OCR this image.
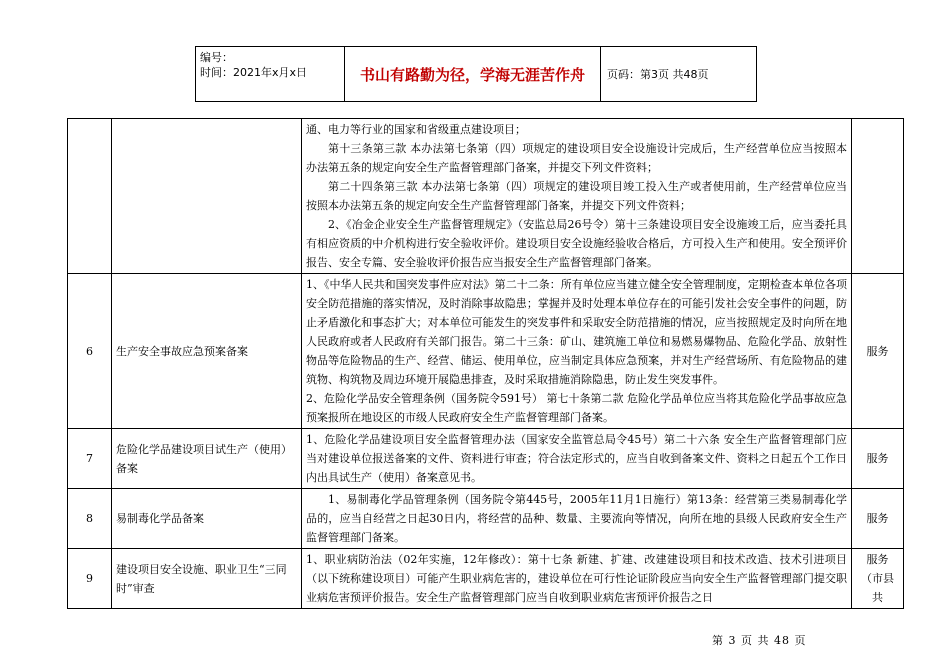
编号：
时间：2021年x月x日	书山有路勤为径，学海无涯苦作舟	页码：第3页 共48页

		通、电力等行业的国家和省级重点建设项目；

第十三条第三款 本办法第七条第（四）项规定的建设项目安全设施设计完成后，生产经营单位应当按照本办法第五条的规定向安全生产监督管理部门备案，并提交下列文件资料；

第二十四条第三款 本办法第七条第（四）项规定的建设项目竣工投入生产或者使用前，生产经营单位应当按照本办法第五条的规定向安全生产监督管理部门备案，并提交下列文件资料；

2、《冶金企业安全生产监督管理规定》（安监总局26号令）第十三条建设项目安全设施竣工后，应当委托具有相应资质的中介机构进行安全验收评价。建设项目安全设施经验收合格后，方可投入生产和使用。安全预评价报告、安全专篇、安全验收评价报告应当报安全生产监督管理部门备案。	

6	生产安全事故应急预案备案	1、《中华人民共和国突发事件应对法》第二十二条：所有单位应当建立健全安全管理制度，定期检查本单位各项安全防范措施的落实情况，及时消除事故隐患；掌握并及时处理本单位存在的可能引发社会安全事件的问题，防止矛盾激化和事态扩大；对本单位可能发生的突发事件和采取安全防范措施的情况，应当按照规定及时向所在地人民政府或者人民政府有关部门报告。第二十三条：矿山、建筑施工单位和易燃易爆物品、危险化学品、放射性物品等危险物品的生产、经营、储运、使用单位，应当制定具体应急预案，并对生产经营场所、有危险物品的建筑物、构筑物及周边环境开展隐患排查，及时采取措施消除隐患，防止发生突发事件。

2、危险化学品安全管理条例（国务院令591号） 第七十条第二款 危险化学品单位应当将其危险化学品事故应急预案报所在地设区的市级人民政府安全生产监督管理部门备案。	服务
7	危险化学品建设项目试生产（使用）备案	1、危险化学品建设项目安全监督管理办法（国家安全监管总局令45号）第二十六条 安全生产监督管理部门应当对建设单位报送备案的文件、资料进行审查；符合法定形式的，应当自收到备案文件、资料之日起五个工作日内出具试生产（使用）备案意见书。	服务
8	易制毒化学品备案	1、易制毒化学品管理条例（国务院令第445号，2005年11月1日施行）第13条：经营第三类易制毒化学品的，应当自经营之日起30日内，将经营的品种、数量、主要流向等情况，向所在地的县级人民政府安全生产监督管理部门备案。	服务
9	建设项目安全设施、职业卫生“三同时”审查	1、职业病防治法（02年实施，12年修改）：第十七条 新建、扩建、改建建设项目和技术改造、技术引进项目（以下统称建设项目）可能产生职业病危害的，建设单位在可行性论证阶段应当向安全生产监督管理部门提交职业病危害预评价报告。安全生产监督管理部门应当自收到职业病危害预评价报告之日	服务（市县共
第 3 页 共 48 页
